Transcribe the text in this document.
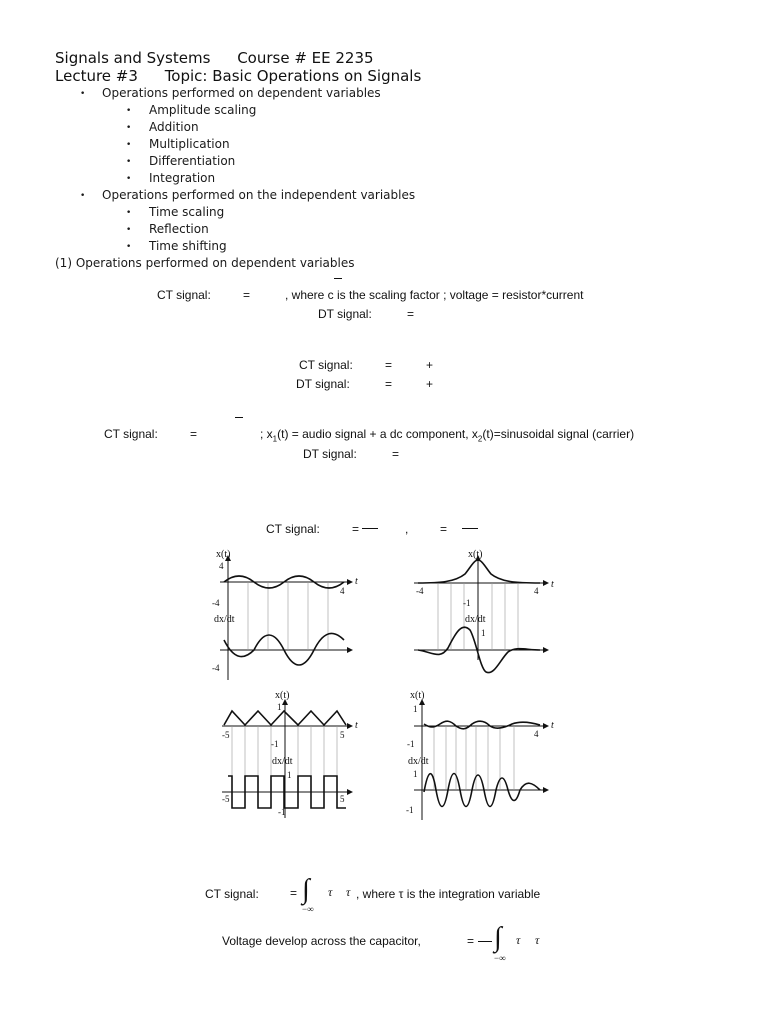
Signals and Systems Course # EE 2235
Lecture #3 Topic: Basic Operations on Signals
• Operations performed on dependent variables
• Amplitude scaling
• Addition
• Multiplication
• Differentiation
• Integration
• Operations performed on the independent variables
• Time scaling
• Reflection
• Time shifting
(1) Operations performed on dependent variables
CT signal:	=	, where c is the scaling factor ; voltage = resistor*current
DT signal:	=
CT signal:	=	+
DT signal:	=	+
CT signal:	=	; $x_1(t)$ = audio signal + a dc component, $x_2(t)=sinusoidal$ signal (carrier)
DT signal:	=
CT signal:	=	,	=
x(t)
4
-4
dx/dt
-4
4
t
x(t)
-4	4
-1
dx/dt
1
t
x(t)
1
-5	5
-1
dx/dt
1
-5	5
-1
t
x(t)
1
4
-1
dx/dt
1
-1
t
CT signal:	= ∫
−∞
τ τ , where τ is the integration variable
Voltage develop across the capacitor,	= ∫
−∞
τ τ
